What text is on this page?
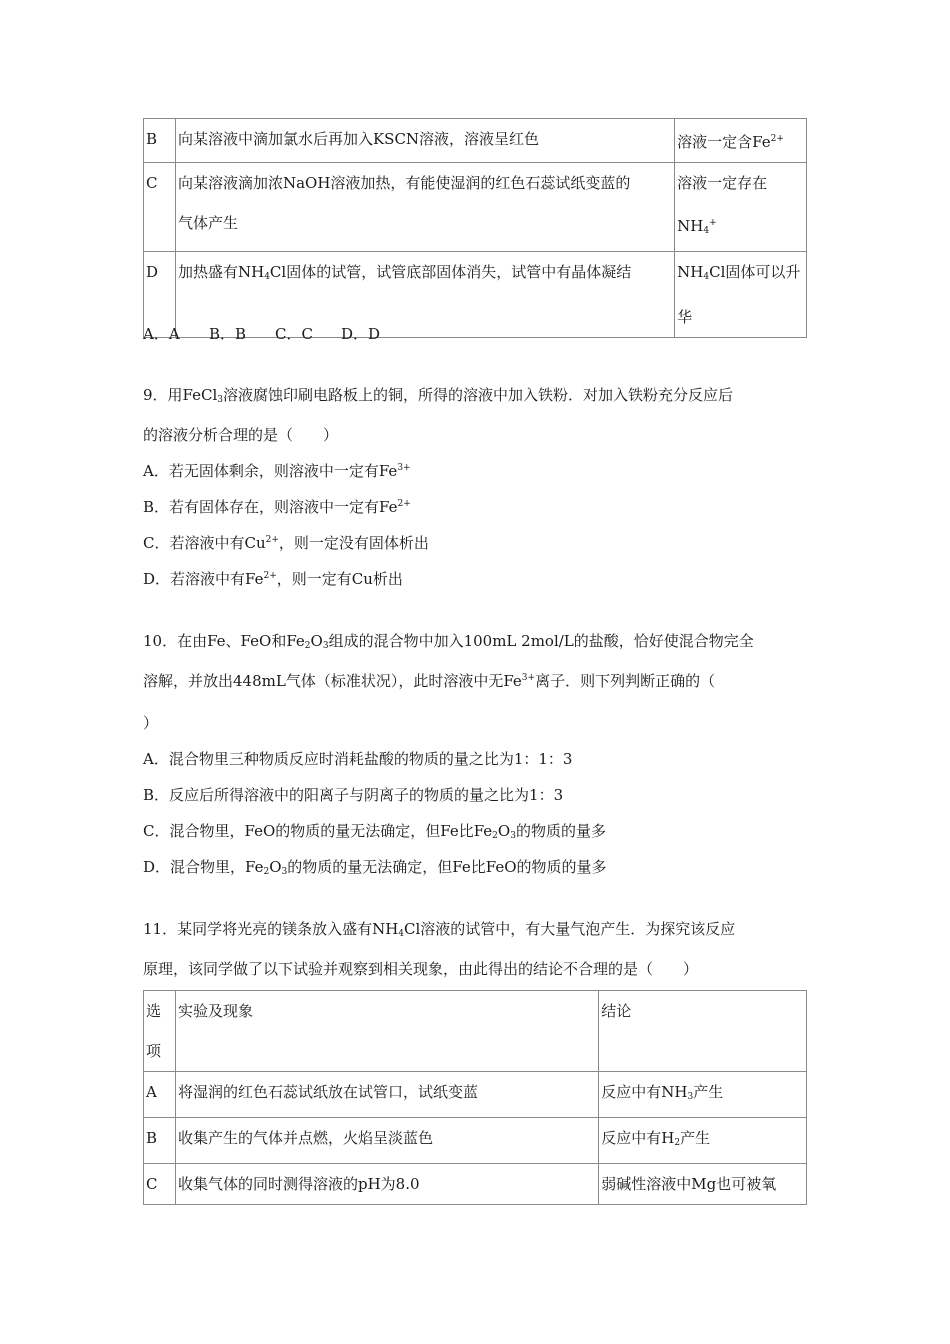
B	向某溶液中滴加氯水后再加入KSCN溶液，溶液呈红色	溶液一定含$Fe^{2+}$
C	向某溶液滴加浓NaOH溶液加热，有能使湿润的红色石蕊试纸变蓝的
气体产生	溶液一定存在$NH_4^+$
D	加热盛有$NH_4Cl$固体的试管，试管底部固体消失，试管中有晶体凝结	$NH_4Cl$固体可以升
华
A．A B．B C．C D．D
9．用FeCl$_3$溶液腐蚀印刷电路板上的铜，所得的溶液中加入铁粉．对加入铁粉充分反应后
的溶液分析合理的是（　　）
A．若无固体剩余，则溶液中一定有$Fe^{3+}$
B．若有固体存在，则溶液中一定有$Fe^{2+}$
C．若溶液中有$Cu^{2+}$，则一定没有固体析出
D．若溶液中有$Fe^{2+}$，则一定有Cu析出
10．在由Fe、FeO和$Fe_2O_3$组成的混合物中加入100mL 2mol/L的盐酸，恰好使混合物完全
溶解，并放出448mL气体（标准状况），此时溶液中无$Fe^{3+}$离子．则下列判断正确的（
）
A．混合物里三种物质反应时消耗盐酸的物质的量之比为1：1：3
B．反应后所得溶液中的阳离子与阴离子的物质的量之比为1：3
C．混合物里，FeO的物质的量无法确定，但Fe比$Fe_2O_3$的物质的量多
D．混合物里，$Fe_2O_3$的物质的量无法确定，但Fe比FeO的物质的量多
11．某同学将光亮的镁条放入盛有$NH_4Cl$溶液的试管中，有大量气泡产生．为探究该反应
原理，该同学做了以下试验并观察到相关现象，由此得出的结论不合理的是（　　）
选
项	实验及现象	结论
A	将湿润的红色石蕊试纸放在试管口，试纸变蓝	反应中有$NH_3$产生
B	收集产生的气体并点燃，火焰呈淡蓝色	反应中有$H_2$产生
C	收集气体的同时测得溶液的pH为8.0	弱碱性溶液中Mg也可被氧
